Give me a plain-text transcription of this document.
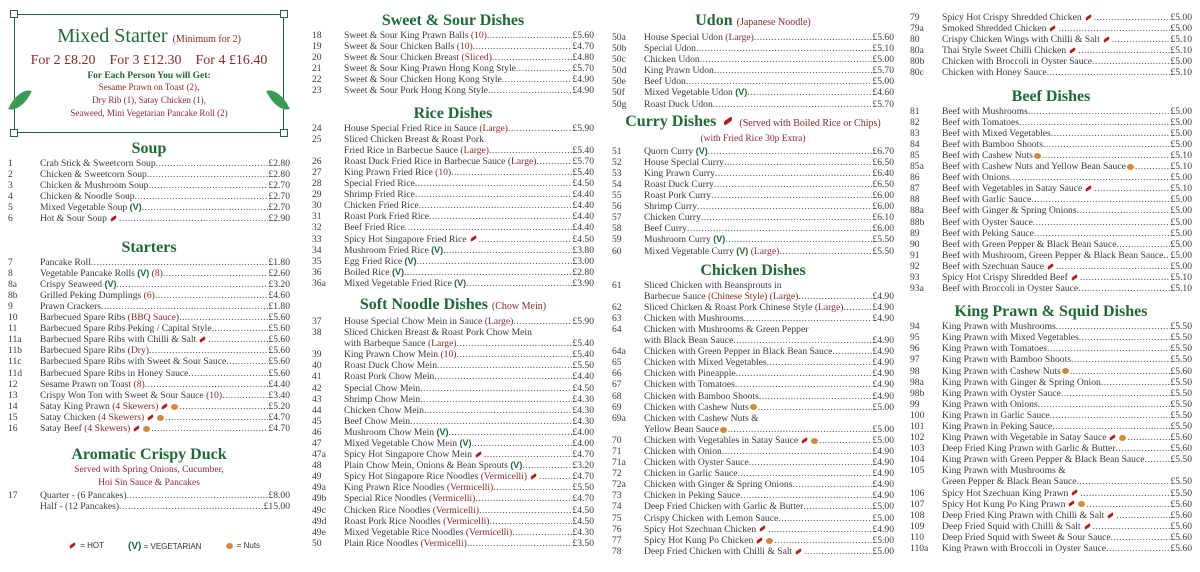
Mixed Starter (Minimum for 2)
For 2 £8.20 For 3 £12.30 For 4 £16.40
For Each Person You will Get:
Sesame Prawn on Toast (2),
Dry Rib (1), Satay Chicken (1),
Seaweed, Mini Vegetarian Pancake Roll (2)
Soup
1	Crab Stick & Sweetcorn Soup .....	£2.80
2	Chicken & Sweetcorn Soup .....	£2.80
3	Chicken & Mushroom Soup .....	£2.70
4	Chicken & Noodle Soup .....	£2.70
5	Mixed Vegetable Soup (V) .....	£2.70
6	Hot & Sour Soup .....	£2.90
Starters
7	Pancake Roll .....	£1.80
8	Vegetable Pancake Rolls (V) (8) .....	£2.60
8a	Crispy Seaweed (V) .....	£3.20
8b	Grilled Peking Dumplings (6) .....	£4.60
9	Prawn Crackers .....	£1.80
10	Barbecued Spare Ribs (BBQ Sauce) .....	£5.60
11	Barbecued Spare Ribs Peking / Capital Style .....	£5.60
11a	Barbecued Spare Ribs with Chilli & Salt .....	£5.60
11b	Barbecued Spare Ribs (Dry) .....	£5.60
11c	Barbecued Spare Ribs with Sweet & Sour Sauce .....	£5.60
11d	Barbecued Spare Ribs in Honey Sauce .....	£5.60
12	Sesame Prawn on Toast (8) .....	£4.40
13	Crispy Won Ton with Sweet & Sour Sauce (10) .....	£3.40
14	Satay King Prawn (4 Skewers) .....	£5.20
15	Satay Chicken (4 Skewers) .....	£4.70
16	Satay Beef (4 Skewers) .....	£4.70
Aromatic Crispy Duck
Served with Spring Onions, Cucumber,
Hoi Sin Sauce & Pancakes
17	Quarter - (6 Pancakes) .....	£8.00
Half - (12 Pancakes) .....	£15.00
= HOT (V) = VEGETARIAN	= Nuts
Sweet & Sour Dishes
18	Sweet & Sour King Prawn Balls (10) .....	£5.60
19	Sweet & Sour Chicken Balls (10) .....	£4.70
20	Sweet & Sour Chicken Breast (Sliced) .....	£4.80
21	Sweet & Sour King Prawn Hong Kong Style .....	£5.70
22	Sweet & Sour Chicken Hong Kong Style .....	£4.90
23	Sweet & Sour Pork Hong Kong Style .....	£4.90
Rice Dishes
24	House Special Fried Rice in Sauce (Large) .....	£5.90
25	Sliced Chicken Breast & Roast Pork
Fried Rice in Barbecue Sauce (Large) .....	£5.40
26	Roast Duck Fried Rice in Barbecue Sauce (Large) .....	£5.70
27	King Prawn Fried Rice (10) .....	£5.40
28	Special Fried Rice .....	£4.50
29	Shrimp Fried Rice .....	£4.40
30	Chicken Fried Rice .....	£4.40
31	Roast Pork Fried Rice .....	£4.40
32	Beef Fried Rice .....	£4.40
33	Spicy Hot Singapore Fried Rice .....	£4.50
34	Mushroom Fried Rice (V) .....	£3.80
35	Egg Fried Rice (V) .....	£3.00
36	Boiled Rice (V) .....	£2.80
36a	Mixed Vegetable Fried Rice (V) .....	£3.90
Soft Noodle Dishes (Chow Mein)
37	House Special Chow Mein in Sauce (Large) .....	£5.90
38	Sliced Chicken Breast & Roast Pork Chow Mein
with Barbeque Sauce (Large) .....	£5.40
39	King Prawn Chow Mein (10) .....	£5.40
40	Roast Duck Chow Mein .....	£5.50
41	Roast Pork Chow Mein .....	£4.40
42	Special Chow Mein .....	£4.50
43	Shrimp Chow Mein .....	£4.30
44	Chicken Chow Mein .....	£4.30
45	Beef Chow Mein .....	£4.30
46	Mushroom Chow Mein (V) .....	£4.00
47	Mixed Vegetable Chow Mein (V) .....	£4.00
47a	Spicy Hot Singapore Chow Mein .....	£4.70
48	Plain Chow Mein, Onions & Bean Sprouts (V) .....	£3.20
49	Spicy Hot Singapore Rice Noodles (Vermicelli) .....	£4.70
49a	King Prawn Rice Noodles (Vermicelli) .....	£5.50
49b	Special Rice Noodles (Vermicelli) .....	£4.70
49c	Chicken Rice Noodles (Vermicelli) .....	£4.50
49d	Roast Pork Rice Noodles (Vermicelli) .....	£4.50
49e	Mixed Vegetable Rice Noodles (Vermicelli) .....	£4.30
50	Plain Rice Noodles (Vermicelli) .....	£3.50
Udon (Japanese Noodle)
50a	House Special Udon (Large) .....	£5.60
50b	Special Udon .....	£5.10
50c	Chicken Udon .....	£5.00
50d	King Prawn Udon .....	£5.70
50e	Beef Udon .....	£5.00
50f	Mixed Vegetable Udon (V) .....	£4.60
50g	Roast Duck Udon .....	£5.70
Curry Dishes (Served with Boiled Rice or Chips)
(with Fried Rice 30p Extra)
51	Quorn Curry (V) .....	£6.70
52	House Special Curry .....	£6.50
53	King Prawn Curry .....	£6.40
54	Roast Duck Curry .....	£6.50
55	Roast Pork Curry .....	£6.00
56	Shrimp Curry .....	£6.00
57	Chicken Curry .....	£6.10
58	Beef Curry .....	£6.00
59	Mushroom Curry (V) .....	£5.50
60	Mixed Vegetable Curry (V) (Large) .....	£5.50
Chicken Dishes
61	Sliced Chicken with Beansprouts in
Barbecue Sauce (Chinese Style) (Large) .....	£4.90
62	Sliced Chicken & Roast Pork Chinese Style (Large) .....	£4.90
63	Chicken with Mushrooms .....	£4.90
64	Chicken with Mushrooms & Green Pepper
with Black Bean Sauce .....	£4.90
64a	Chicken with Green Pepper in Black Bean Sauce .....	£4.90
65	Chicken with Mixed Vegetables .....	£4.90
66	Chicken with Pineapple .....	£4.90
67	Chicken with Tomatoes .....	£4.90
68	Chicken with Bamboo Shoots .....	£4.90
69	Chicken with Cashew Nuts .....	£5.00
69a	Chicken with Cashew Nuts &
Yellow Bean Sauce .....	£5.00
70	Chicken with Vegetables in Satay Sauce .....	£5.00
71	Chicken with Onion .....	£4.90
71a	Chicken with Oyster Sauce .....	£4.90
72	Chicken in Garlic Sauce .....	£4.90
72a	Chicken with Ginger & Spring Onions .....	£4.90
73	Chicken in Peking Sauce .....	£4.90
74	Deep Fried Chicken with Garlic & Butter .....	£5.00
75	Crispy Chicken with Lemon Sauce .....	£5.00
76	Spicy Hot Szechuan Chicken .....	£4.90
77	Spicy Hot Kung Po Chicken .....	£5.00
78	Deep Fried Chicken with Chilli & Salt .....	£5.00
79	Spicy Hot Crispy Shredded Chicken .....	£5.00
79a	Smoked Shredded Chicken .....	£5.00
80	Crispy Chicken Wings with Chilli & Salt .....	£5.10
80a	Thai Style Sweet Chilli Chicken .....	£5.10
80b	Chicken with Broccoli in Oyster Sauce .....	£5.00
80c	Chicken with Honey Sauce .....	£5.10
Beef Dishes
81	Beef with Mushrooms .....	£5.00
82	Beef with Tomatoes .....	£5.00
83	Beef with Mixed Vegetables .....	£5.00
84	Beef with Bamboo Shoots .....	£5.00
85	Beef with Cashew Nuts .....	£5.10
85a	Beef with Cashew Nuts and Yellow Bean Sauce .....	£5.10
86	Beef with Onions .....	£5.00
87	Beef with Vegetables in Satay Sauce .....	£5.10
88	Beef with Garlic Sauce .....	£5.00
88a	Beef with Ginger & Spring Onions .....	£5.00
88b	Beef with Oyster Sauce .....	£5.00
89	Beef with Peking Sauce .....	£5.00
90	Beef with Green Pepper & Black Bean Sauce .....	£5.00
91	Beef with Mushroom, Green Pepper & Black Bean Sauce ..... £5.00
92	Beef with Szechuan Sauce .....	£5.00
93	Spicy Hot Crispy Shredded Beef .....	£5.10
93a	Beef with Broccoli in Oyster Sauce .....	£5.10
King Prawn & Squid Dishes
94	King Prawn with Mushrooms .....	£5.50
95	King Prawn with Mixed Vegetables .....	£5.50
96	King Prawn with Tomatoes .....	£5.50
97	King Prawn with Bamboo Shoots .....	£5.50
98	King Prawn with Cashew Nuts .....	£5.60
98a	King Prawn with Ginger & Spring Onion .....	£5.50
98b	King Prawn with Oyster Sauce .....	£5.50
99	King Prawn with Onions .....	£5.50
100	King Prawn in Garlic Sauce .....	£5.50
101	King Prawn in Peking Sauce .....	£5.50
102	King Prawn with Vegetable in Satay Sauce .....	£5.60
103	Deep Fried King Prawn with Garlic & Butter .....	£5.60
104	King Prawn with Green Pepper & Black Bean Sauce .....	£5.50
105	King Prawn with Mushrooms &
Green Pepper & Black Bean Sauce .....	£5.50
106	Spicy Hot Szechuan King Prawn .....	£5.50
107	Spicy Hot Kung Po King Prawn .....	£5.60
108	Deep Fried King Prawn with Chilli & Salt .....	£5.60
109	Deep Fried Squid with Chilli & Salt .....	£5.60
110	Deep Fried Squid with Sweet & Sour Sauce .....	£5.60
110a	King Prawn with Broccoli in Oyster Sauce .....	£5.60
